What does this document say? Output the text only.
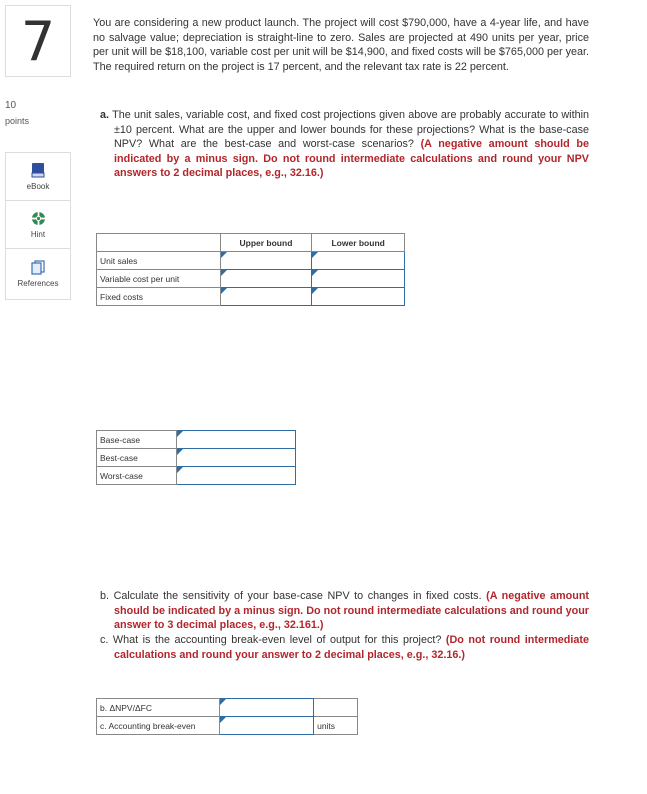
7
10
points
eBook
Hint
References

You are considering a new product launch. The project will cost $790,000, have a 4-year life, and have no salvage value; depreciation is straight-line to zero. Sales are projected at 490 units per year, price per unit will be $18,100, variable cost per unit will be $14,900, and fixed costs will be $765,000 per year. The required return on the project is 17 percent, and the relevant tax rate is 22 percent.

a. The unit sales, variable cost, and fixed cost projections given above are probably accurate to within ±10 percent. What are the upper and lower bounds for these projections? What is the base-case NPV? What are the best-case and worst-case scenarios? (A negative amount should be indicated by a minus sign. Do not round intermediate calculations and round your NPV answers to 2 decimal places, e.g., 32.16.)

	Upper bound	Lower bound
Unit sales	

Variable cost per unit	

Fixed costs	

Base-case	

Best-case	

Worst-case	

b. Calculate the sensitivity of your base-case NPV to changes in fixed costs. (A negative amount should be indicated by a minus sign. Do not round intermediate calculations and round your answer to 3 decimal places, e.g., 32.161.)

c. What is the accounting break-even level of output for this project? (Do not round intermediate calculations and round your answer to 2 decimal places, e.g., 32.16.)

b. ΔNPV/ΔFC	

c. Accounting break-even		units
